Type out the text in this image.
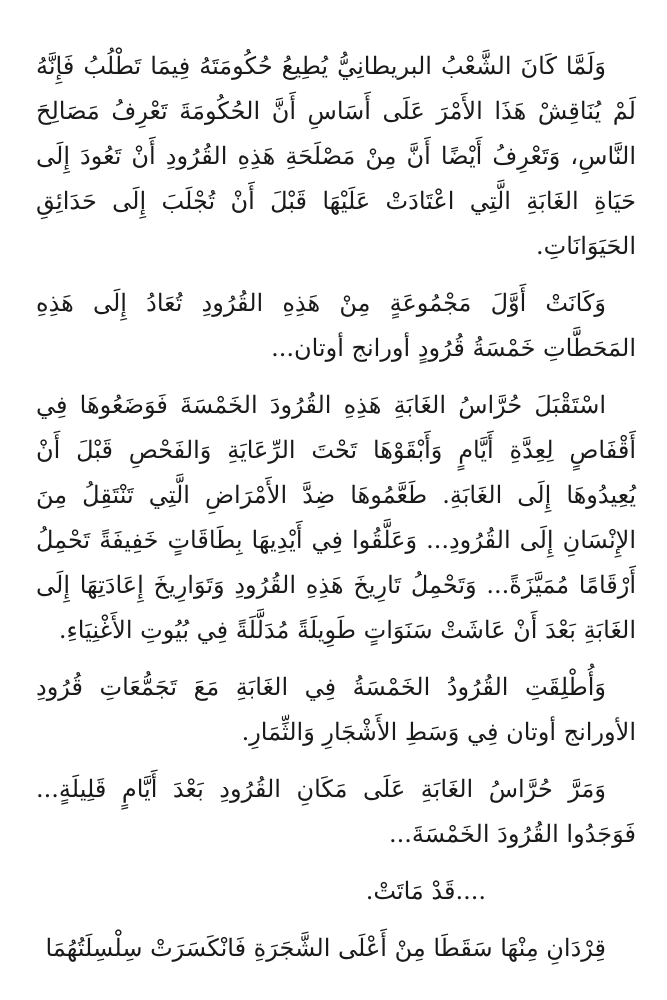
وَلَمَّا كَانَ الشَّعْبُ البريطانِيُّ يُطِيعُ حُكُومَتَهُ فِيمَا تَطْلُبُ فَإِنَّهُ لَمْ يُنَاقِشْ هَذَا الأَمْرَ عَلَى أَسَاسِ أَنَّ الحُكُومَةَ تَعْرِفُ مَصَالِحَ النَّاسِ، وَتَعْرِفُ أَيْضًا أَنَّ مِنْ مَصْلَحَةِ هَذِهِ القُرُودِ أَنْ تَعُودَ إِلَى حَيَاةِ الغَابَةِ الَّتِي اعْتَادَتْ عَلَيْهَا قَبْلَ أَنْ تُجْلَبَ إِلَى حَدَائِقِ الحَيَوَانَاتِ.

وَكَانَتْ أَوَّلَ مَجْمُوعَةٍ مِنْ هَذِهِ القُرُودِ تُعَادُ إِلَى هَذِهِ المَحَطَّاتِ خَمْسَةُ قُرُودٍ أورانج أوتان...

اسْتَقْبَلَ حُرَّاسُ الغَابَةِ هَذِهِ القُرُودَ الخَمْسَةَ فَوَضَعُوهَا فِي أَقْفَاصٍ لِعِدَّةِ أَيَّامٍ وَأَبْقَوْهَا تَحْتَ الرِّعَايَةِ وَالفَحْصِ قَبْلَ أَنْ يُعِيدُوهَا إِلَى الغَابَةِ. طَعَّمُوهَا ضِدَّ الأَمْرَاضِ الَّتِي تَنْتَقِلُ مِنَ الإِنْسَانِ إِلَى القُرُودِ... وَعَلَّقُوا فِي أَيْدِيهَا بِطَاقَاتٍ خَفِيفَةً تَحْمِلُ أَرْقَامًا مُمَيَّزَةً... وَتَحْمِلُ تَارِيخَ هَذِهِ القُرُودِ وَتَوَارِيخَ إِعَادَتِهَا إِلَى الغَابَةِ بَعْدَ أَنْ عَاشَتْ سَنَوَاتٍ طَوِيلَةً مُدَلَّلَةً فِي بُيُوتِ الأَغْنِيَاءِ.

وَأُطْلِقَتِ القُرُودُ الخَمْسَةُ فِي الغَابَةِ مَعَ تَجَمُّعَاتِ قُرُودِ الأورانج أوتان فِي وَسَطِ الأَشْجَارِ وَالثِّمَارِ.

وَمَرَّ حُرَّاسُ الغَابَةِ عَلَى مَكَانِ القُرُودِ بَعْدَ أَيَّامٍ قَلِيلَةٍ... فَوَجَدُوا القُرُودَ الخَمْسَةَ...

....قَدْ مَاتَتْ.

قِرْدَانِ مِنْهَا سَقَطَا مِنْ أَعْلَى الشَّجَرَةِ فَانْكَسَرَتْ سِلْسِلَتُهُمَا
